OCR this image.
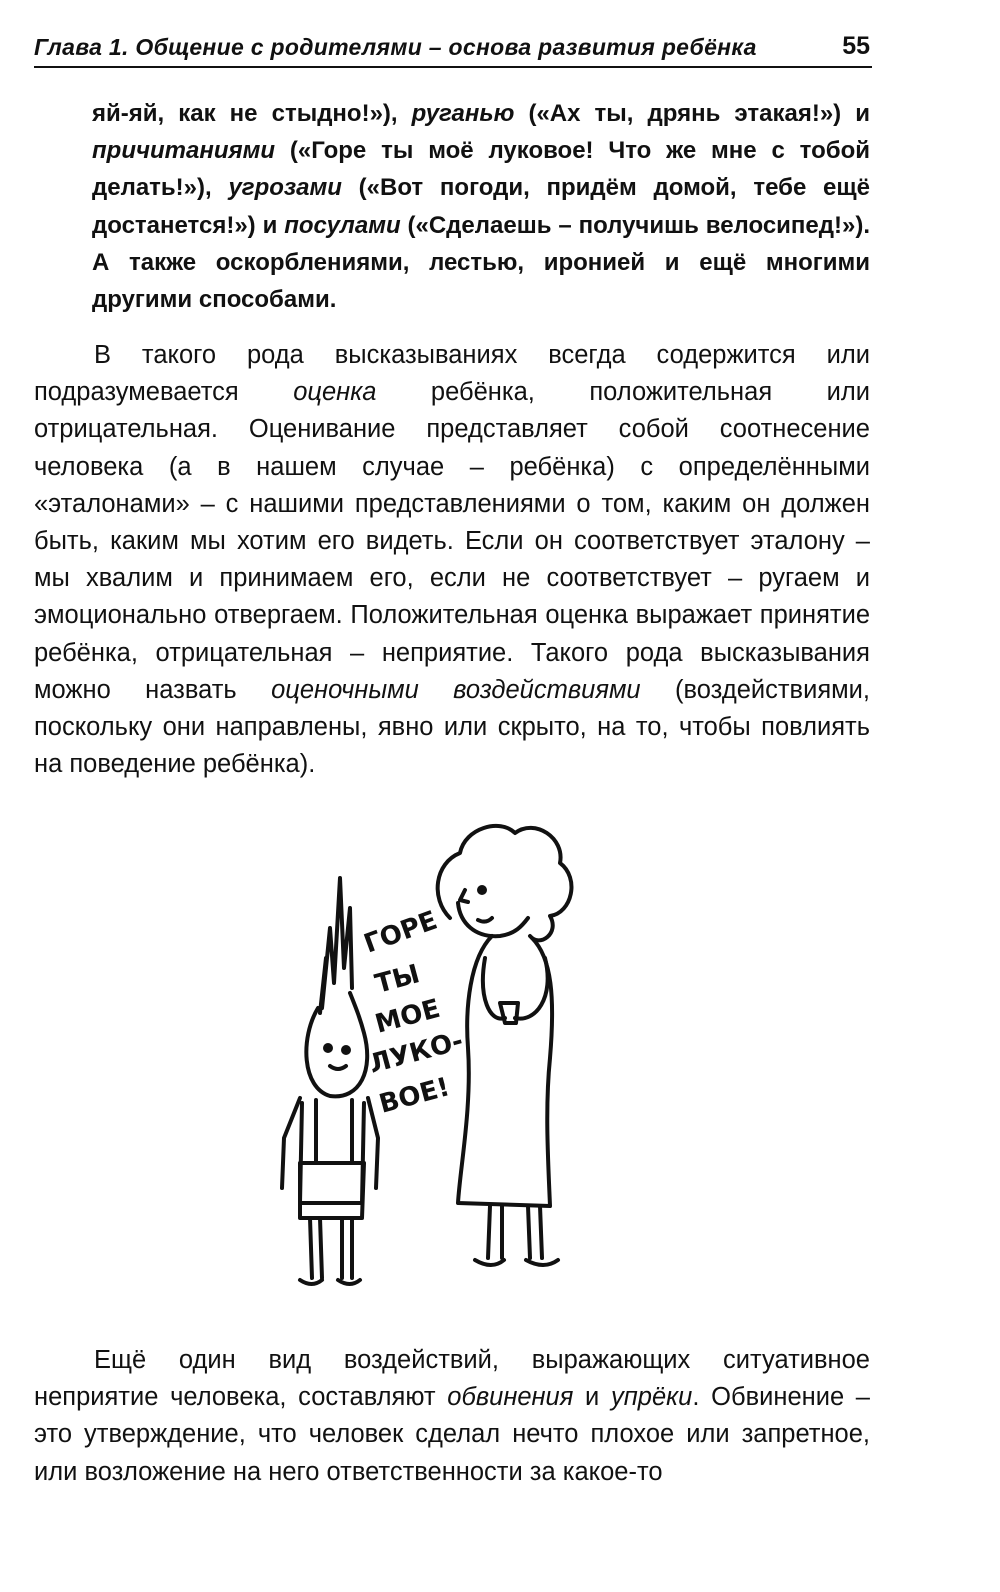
Глава 1. Общение с родителями – основа развития ребёнка	55
яй-яй, как не стыдно!»), руганью («Ах ты, дрянь этакая!») и причитаниями («Горе ты моё луковое! Что же мне с тобой делать!»), угрозами («Вот погоди, придём домой, тебе ещё достанется!») и посулами («Сделаешь – получишь велосипед!»). А также оскорблениями, лестью, иронией и ещё многими другими способами.
В такого рода высказываниях всегда содержится или подразумевается оценка ребёнка, положительная или отрицательная. Оценивание представляет собой соотнесение человека (а в нашем случае – ребёнка) с определёнными «эталонами» – с нашими представлениями о том, каким он должен быть, каким мы хотим его видеть. Если он соответствует эталону – мы хвалим и принимаем его, если не соответствует – ругаем и эмоционально отвергаем. Положительная оценка выражает принятие ребёнка, отрицательная – неприятие. Такого рода высказывания можно назвать оценочными воздействиями (воздействиями, поскольку они направлены, явно или скрыто, на то, чтобы повлиять на поведение ребёнка).
ГОРЕ
ТЫ
МОЕ
ЛУКО-
ВОЕ!
Ещё один вид воздействий, выражающих ситуативное неприятие человека, составляют обвинения и упрёки. Обвинение – это утверждение, что человек сделал нечто плохое или запретное, или возложение на него ответственности за какое-то
